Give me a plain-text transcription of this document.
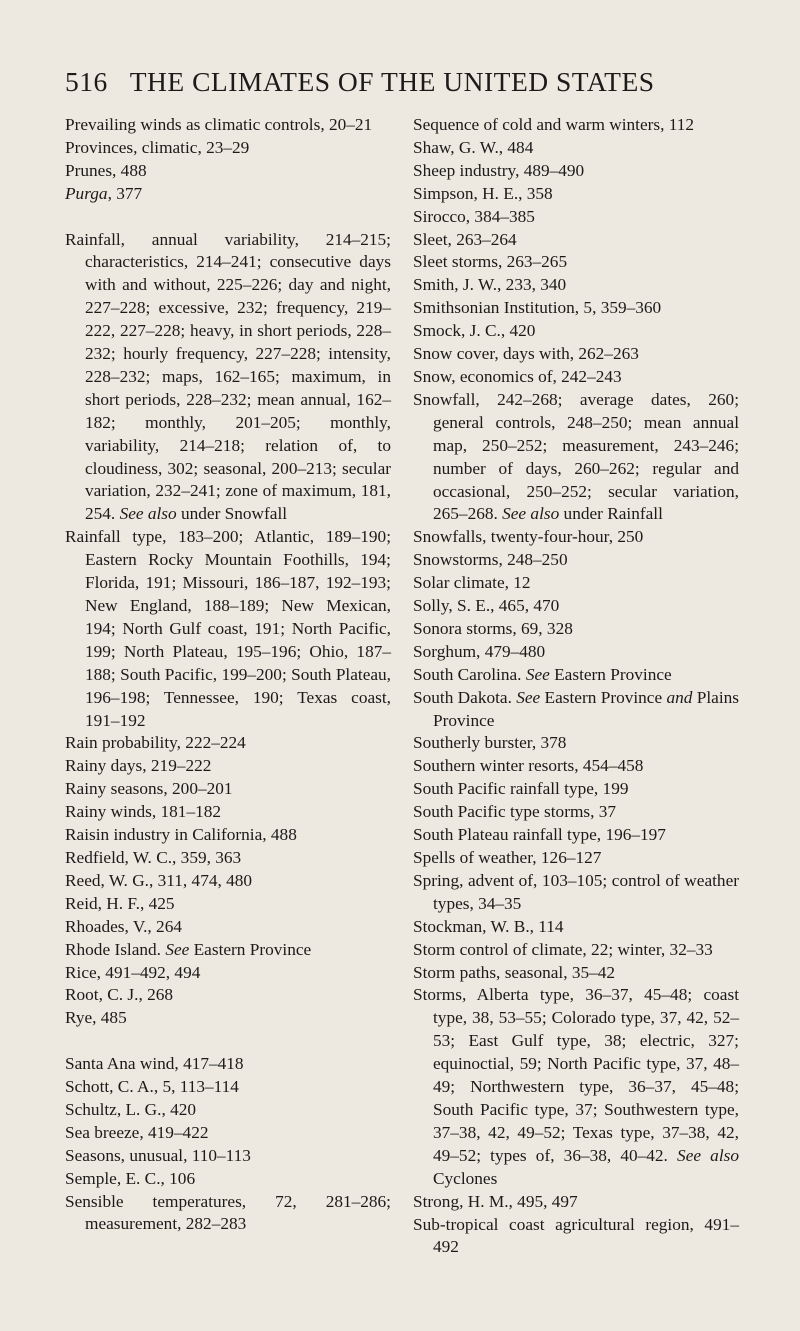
516 THE CLIMATES OF THE UNITED STATES
Prevailing winds as climatic controls, 20–21
Provinces, climatic, 23–29
Prunes, 488
Purga, 377
Rainfall, annual variability, 214–215; characteristics, 214–241; consecutive days with and without, 225–226; day and night, 227–228; excessive, 232; frequency, 219–222, 227–228; heavy, in short periods, 228–232; hourly frequency, 227–228; intensity, 228–232; maps, 162–165; maximum, in short periods, 228–232; mean annual, 162–182; monthly, 201–205; monthly, variability, 214–218; relation of, to cloudiness, 302; seasonal, 200–213; secular variation, 232–241; zone of maximum, 181, 254. See also under Snowfall
Rainfall type, 183–200; Atlantic, 189–190; Eastern Rocky Mountain Foothills, 194; Florida, 191; Missouri, 186–187, 192–193; New England, 188–189; New Mexican, 194; North Gulf coast, 191; North Pacific, 199; North Plateau, 195–196; Ohio, 187–188; South Pacific, 199–200; South Plateau, 196–198; Tennessee, 190; Texas coast, 191–192
Rain probability, 222–224
Rainy days, 219–222
Rainy seasons, 200–201
Rainy winds, 181–182
Raisin industry in California, 488
Redfield, W. C., 359, 363
Reed, W. G., 311, 474, 480
Reid, H. F., 425
Rhoades, V., 264
Rhode Island. See Eastern Province
Rice, 491–492, 494
Root, C. J., 268
Rye, 485
Santa Ana wind, 417–418
Schott, C. A., 5, 113–114
Schultz, L. G., 420
Sea breeze, 419–422
Seasons, unusual, 110–113
Semple, E. C., 106
Sensible temperatures, 72, 281–286; measurement, 282–283
Sequence of cold and warm winters, 112
Shaw, G. W., 484
Sheep industry, 489–490
Simpson, H. E., 358
Sirocco, 384–385
Sleet, 263–264
Sleet storms, 263–265
Smith, J. W., 233, 340
Smithsonian Institution, 5, 359–360
Smock, J. C., 420
Snow cover, days with, 262–263
Snow, economics of, 242–243
Snowfall, 242–268; average dates, 260; general controls, 248–250; mean annual map, 250–252; measurement, 243–246; number of days, 260–262; regular and occasional, 250–252; secular variation, 265–268. See also under Rainfall
Snowfalls, twenty-four-hour, 250
Snowstorms, 248–250
Solar climate, 12
Solly, S. E., 465, 470
Sonora storms, 69, 328
Sorghum, 479–480
South Carolina. See Eastern Province
South Dakota. See Eastern Province and Plains Province
Southerly burster, 378
Southern winter resorts, 454–458
South Pacific rainfall type, 199
South Pacific type storms, 37
South Plateau rainfall type, 196–197
Spells of weather, 126–127
Spring, advent of, 103–105; control of weather types, 34–35
Stockman, W. B., 114
Storm control of climate, 22; winter, 32–33
Storm paths, seasonal, 35–42
Storms, Alberta type, 36–37, 45–48; coast type, 38, 53–55; Colorado type, 37, 42, 52–53; East Gulf type, 38; electric, 327; equinoctial, 59; North Pacific type, 37, 48–49; Northwestern type, 36–37, 45–48; South Pacific type, 37; Southwestern type, 37–38, 42, 49–52; Texas type, 37–38, 42, 49–52; types of, 36–38, 40–42. See also Cyclones
Strong, H. M., 495, 497
Sub-tropical coast agricultural region, 491–492
